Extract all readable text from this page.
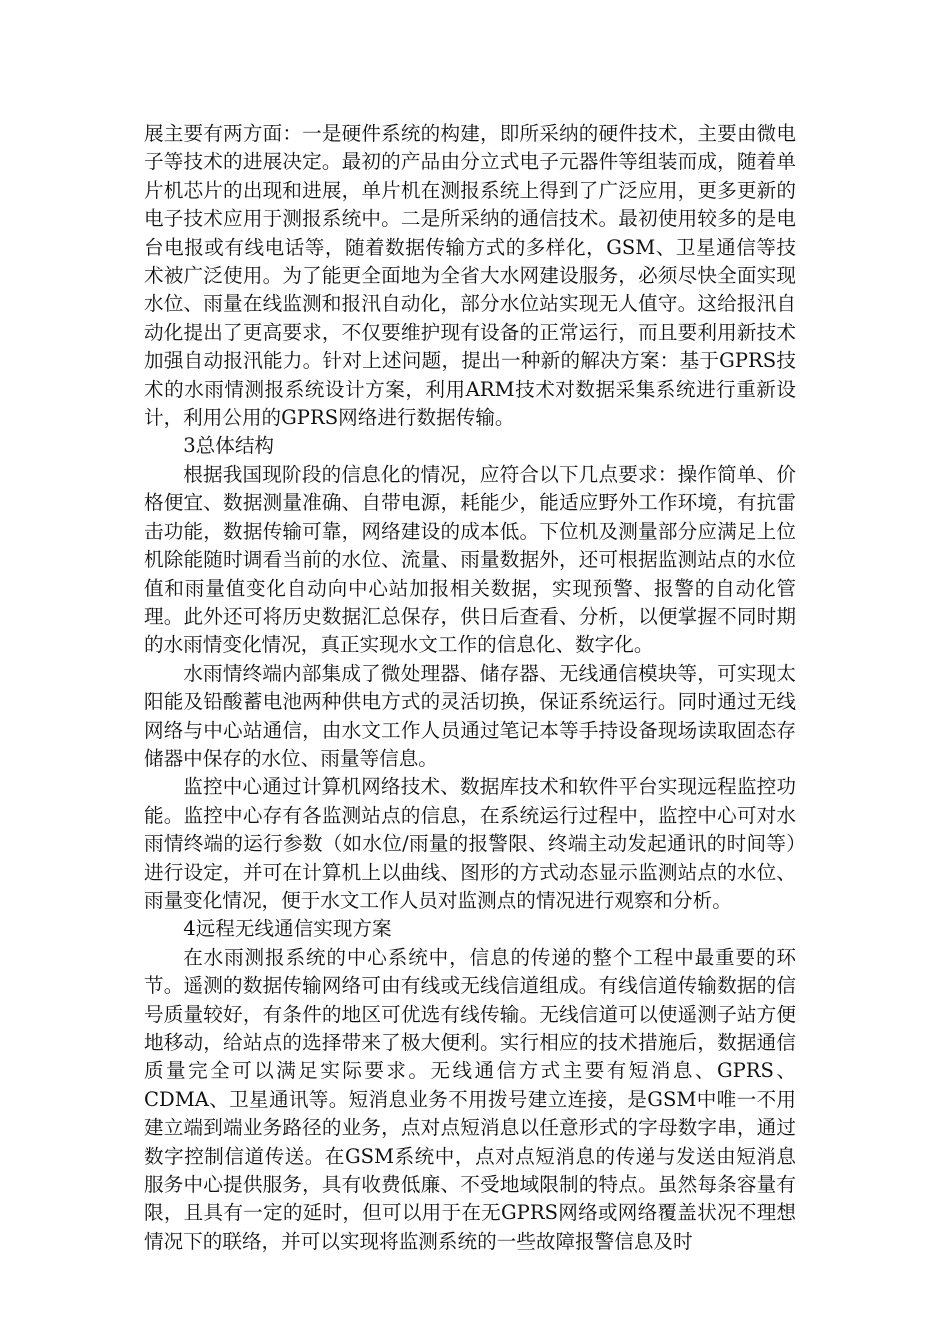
展主要有两方面：一是硬件系统的构建，即所采纳的硬件技术，主要由微电子等技术的进展决定。最初的产品由分立式电子元器件等组装而成，随着单片机芯片的出现和进展，单片机在测报系统上得到了广泛应用，更多更新的电子技术应用于测报系统中。二是所采纳的通信技术。最初使用较多的是电台电报或有线电话等，随着数据传输方式的多样化，GSM、卫星通信等技术被广泛使用。为了能更全面地为全省大水网建设服务，必须尽快全面实现水位、雨量在线监测和报汛自动化，部分水位站实现无人值守。这给报汛自动化提出了更高要求，不仅要维护现有设备的正常运行，而且要利用新技术加强自动报汛能力。针对上述问题，提出一种新的解决方案：基于GPRS技术的水雨情测报系统设计方案，利用ARM技术对数据采集系统进行重新设计，利用公用的GPRS网络进行数据传输。

3总体结构

根据我国现阶段的信息化的情况，应符合以下几点要求：操作简单、价格便宜、数据测量准确、自带电源，耗能少，能适应野外工作环境，有抗雷击功能，数据传输可靠，网络建设的成本低。下位机及测量部分应满足上位机除能随时调看当前的水位、流量、雨量数据外，还可根据监测站点的水位值和雨量值变化自动向中心站加报相关数据，实现预警、报警的自动化管理。此外还可将历史数据汇总保存，供日后查看、分析，以便掌握不同时期的水雨情变化情况，真正实现水文工作的信息化、数字化。

水雨情终端内部集成了微处理器、储存器、无线通信模块等，可实现太阳能及铅酸蓄电池两种供电方式的灵活切换，保证系统运行。同时通过无线网络与中心站通信，由水文工作人员通过笔记本等手持设备现场读取固态存储器中保存的水位、雨量等信息。

监控中心通过计算机网络技术、数据库技术和软件平台实现远程监控功能。监控中心存有各监测站点的信息，在系统运行过程中，监控中心可对水雨情终端的运行参数（如水位/雨量的报警限、终端主动发起通讯的时间等）进行设定，并可在计算机上以曲线、图形的方式动态显示监测站点的水位、雨量变化情况，便于水文工作人员对监测点的情况进行观察和分析。

4远程无线通信实现方案

在水雨测报系统的中心系统中，信息的传递的整个工程中最重要的环节。遥测的数据传输网络可由有线或无线信道组成。有线信道传输数据的信号质量较好，有条件的地区可优选有线传输。无线信道可以使遥测子站方便地移动，给站点的选择带来了极大便利。实行相应的技术措施后，数据通信质量完全可以满足实际要求。无线通信方式主要有短消息、GPRS、CDMA、卫星通讯等。短消息业务不用拨号建立连接，是GSM中唯一不用建立端到端业务路径的业务，点对点短消息以任意形式的字母数字串，通过数字控制信道传送。在GSM系统中，点对点短消息的传递与发送由短消息服务中心提供服务，具有收费低廉、不受地域限制的特点。虽然每条容量有限，且具有一定的延时，但可以用于在无GPRS网络或网络覆盖状况不理想情况下的联络，并可以实现将监测系统的一些故障报警信息及时
